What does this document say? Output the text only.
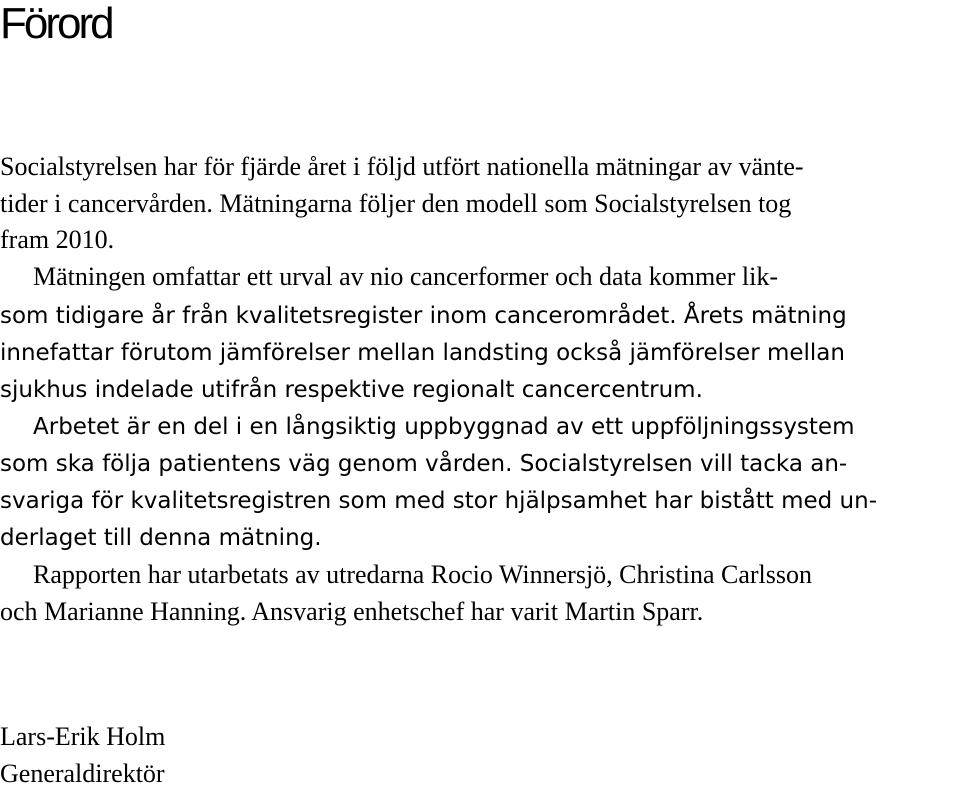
Förord

Socialstyrelsen har för fjärde året i följd utfört nationella mätningar av vänte-

tider i cancervården. Mätningarna följer den modell som Socialstyrelsen tog

fram 2010.

Mätningen omfattar ett urval av nio cancerformer och data kommer lik-

som tidigare år från kvalitetsregister inom cancerområdet. Årets mätning

innefattar förutom jämförelser mellan landsting också jämförelser mellan

sjukhus indelade utifrån respektive regionalt cancercentrum.

Arbetet är en del i en långsiktig uppbyggnad av ett uppföljningssystem

som ska följa patientens väg genom vården. Socialstyrelsen vill tacka an-

svariga för kvalitetsregistren som med stor hjälpsamhet har bistått med un-

derlaget till denna mätning.

Rapporten har utarbetats av utredarna Rocio Winnersjö, Christina Carlsson

och Marianne Hanning. Ansvarig enhetschef har varit Martin Sparr.

Lars-Erik Holm

Generaldirektör
